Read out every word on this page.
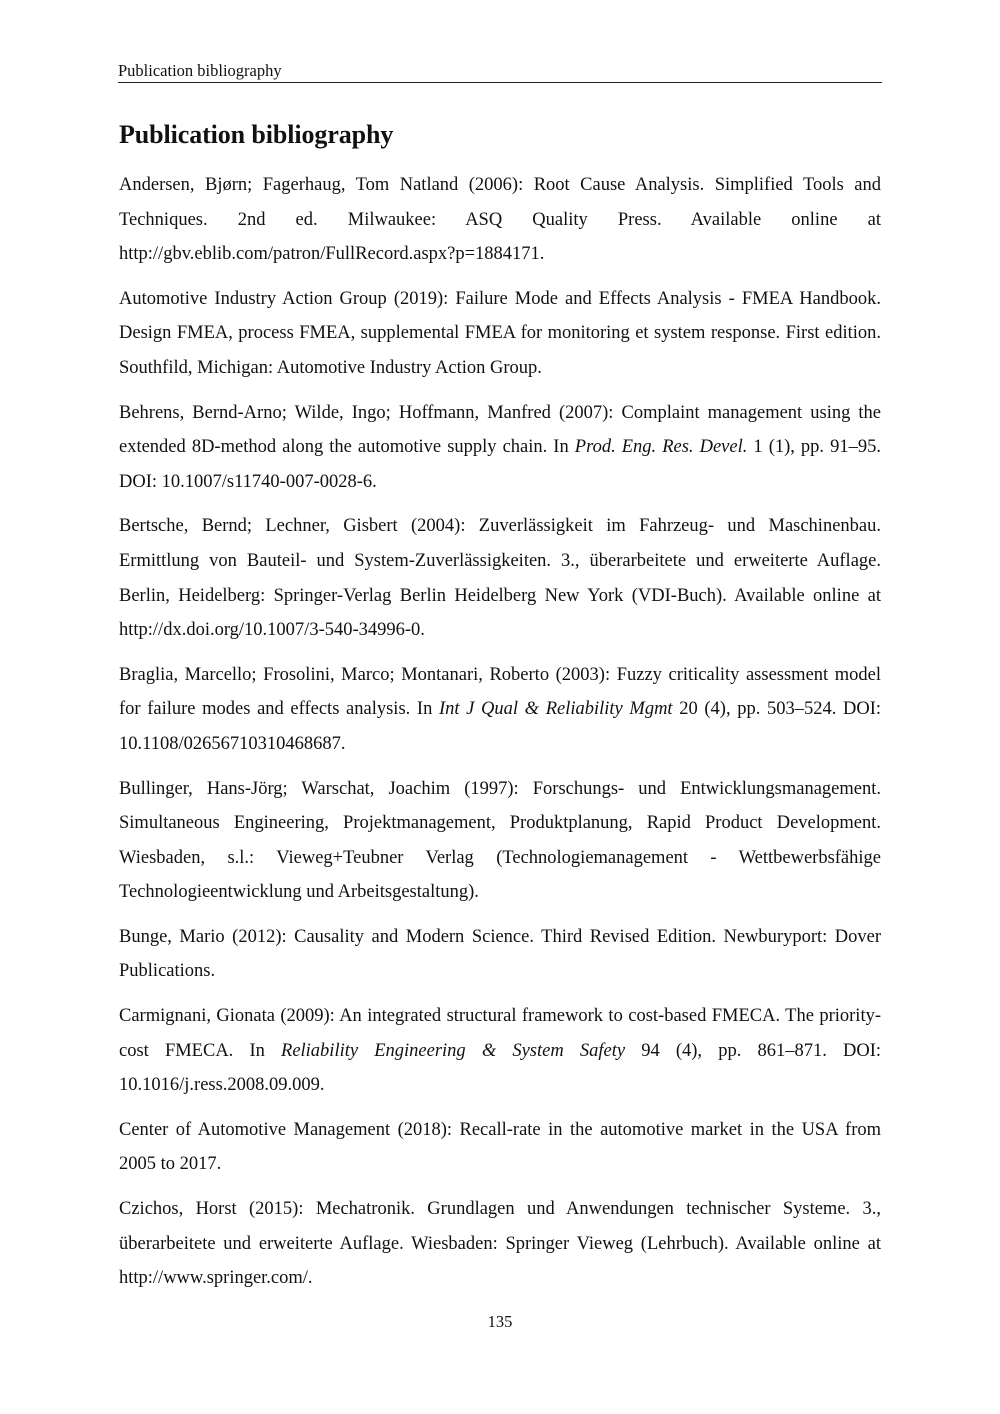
Publication bibliography
Publication bibliography
Andersen, Bjørn; Fagerhaug, Tom Natland (2006): Root Cause Analysis. Simplified Tools and Techniques. 2nd ed. Milwaukee: ASQ Quality Press. Available online at http://gbv.eblib.com/patron/FullRecord.aspx?p=1884171.
Automotive Industry Action Group (2019): Failure Mode and Effects Analysis - FMEA Handbook. Design FMEA, process FMEA, supplemental FMEA for monitoring et system response. First edition. Southfild, Michigan: Automotive Industry Action Group.
Behrens, Bernd-Arno; Wilde, Ingo; Hoffmann, Manfred (2007): Complaint management using the extended 8D-method along the automotive supply chain. In Prod. Eng. Res. Devel. 1 (1), pp. 91–95. DOI: 10.1007/s11740-007-0028-6.
Bertsche, Bernd; Lechner, Gisbert (2004): Zuverlässigkeit im Fahrzeug- und Maschinenbau. Ermittlung von Bauteil- und System-Zuverlässigkeiten. 3., überarbeitete und erweiterte Auflage. Berlin, Heidelberg: Springer-Verlag Berlin Heidelberg New York (VDI-Buch). Available online at http://dx.doi.org/10.1007/3-540-34996-0.
Braglia, Marcello; Frosolini, Marco; Montanari, Roberto (2003): Fuzzy criticality assessment model for failure modes and effects analysis. In Int J Qual & Reliability Mgmt 20 (4), pp. 503–524. DOI: 10.1108/02656710310468687.
Bullinger, Hans-Jörg; Warschat, Joachim (1997): Forschungs- und Entwicklungsmanagement. Simultaneous Engineering, Projektmanagement, Produktplanung, Rapid Product Development. Wiesbaden, s.l.: Vieweg+Teubner Verlag (Technologiemanagement - Wettbewerbsfähige Technologieentwicklung und Arbeitsgestaltung).
Bunge, Mario (2012): Causality and Modern Science. Third Revised Edition. Newburyport: Dover Publications.
Carmignani, Gionata (2009): An integrated structural framework to cost-based FMECA. The priority-cost FMECA. In Reliability Engineering & System Safety 94 (4), pp. 861–871. DOI: 10.1016/j.ress.2008.09.009.
Center of Automotive Management (2018): Recall-rate in the automotive market in the USA from 2005 to 2017.
Czichos, Horst (2015): Mechatronik. Grundlagen und Anwendungen technischer Systeme. 3., überarbeitete und erweiterte Auflage. Wiesbaden: Springer Vieweg (Lehrbuch). Available online at http://www.springer.com/.
135
